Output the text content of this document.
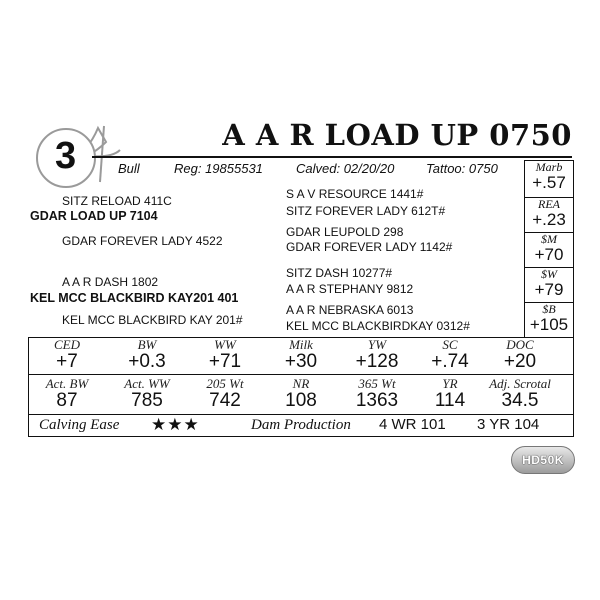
3	A A R LOAD UP 0750
Bull	Reg: 19855531	Calved: 02/20/20 Tattoo: 0750
SITZ RELOAD 411C
GDAR LOAD UP 7104
GDAR FOREVER LADY 4522
S A V RESOURCE 1441#
SITZ FOREVER LADY 612T#
GDAR LEUPOLD 298
GDAR FOREVER LADY 1142#
A A R DASH 1802
KEL MCC BLACKBIRD KAY201 401
KEL MCC BLACKBIRD KAY 201#
SITZ DASH 10277#
A A R STEPHANY 9812
A A R NEBRASKA 6013
KEL MCC BLACKBIRDKAY 0312#
Marb
+.57
REA
+.23
$M
+70
$W
+79
$B
+105
CED
+7
BW
+0.3
WW
+71
Milk
+30
YW
+128
SC
+.74
DOC
+20
Act. BW
87
Act. WW
785
205 Wt
742
NR
108
365 Wt
1363
YR
114
Adj. Scrotal
34.5
Calving Ease ★★★	Dam Production 4 WR 101 3 YR 104
HD50K
